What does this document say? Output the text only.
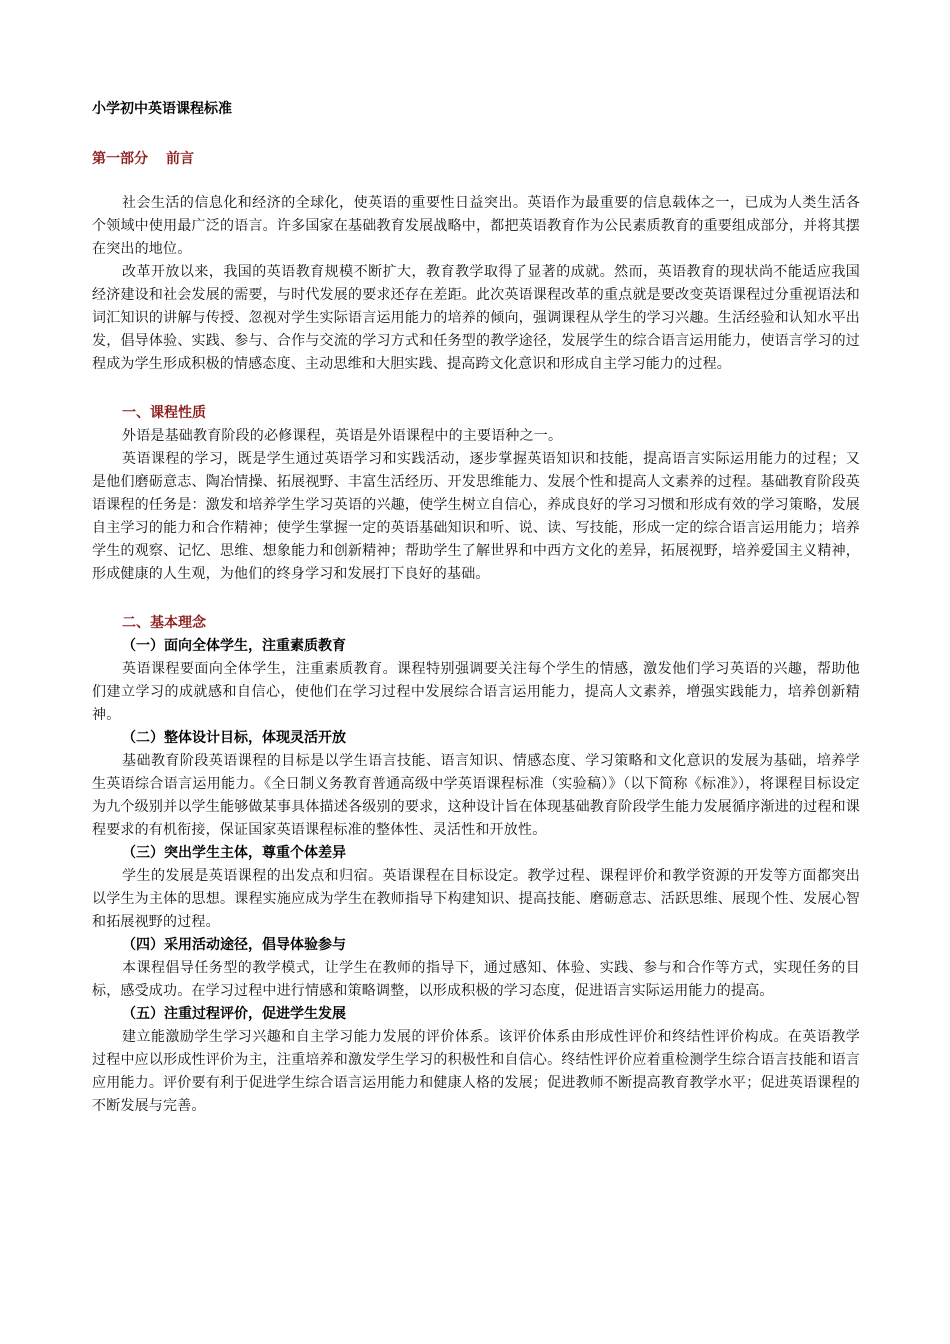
小学初中英语课程标准
第一部分 前言

社会生活的信息化和经济的全球化，使英语的重要性日益突出。英语作为最重要的信息载体之一，已成为人类生活各个领域中使用最广泛的语言。许多国家在基础教育发展战略中，都把英语教育作为公民素质教育的重要组成部分，并将其摆在突出的地位。

改革开放以来，我国的英语教育规模不断扩大，教育教学取得了显著的成就。然而，英语教育的现状尚不能适应我国经济建设和社会发展的需要，与时代发展的要求还存在差距。此次英语课程改革的重点就是要改变英语课程过分重视语法和词汇知识的讲解与传授、忽视对学生实际语言运用能力的培养的倾向，强调课程从学生的学习兴趣。生活经验和认知水平出发，倡导体验、实践、参与、合作与交流的学习方式和任务型的教学途径，发展学生的综合语言运用能力，使语言学习的过程成为学生形成积极的情感态度、主动思维和大胆实践、提高跨文化意识和形成自主学习能力的过程。

一、课程性质

外语是基础教育阶段的必修课程，英语是外语课程中的主要语种之一。

英语课程的学习，既是学生通过英语学习和实践活动，逐步掌握英语知识和技能，提高语言实际运用能力的过程；又是他们磨砺意志、陶冶情操、拓展视野、丰富生活经历、开发思维能力、发展个性和提高人文素养的过程。基础教育阶段英语课程的任务是：激发和培养学生学习英语的兴趣，使学生树立自信心，养成良好的学习习惯和形成有效的学习策略，发展自主学习的能力和合作精神；使学生掌握一定的英语基础知识和听、说、读、写技能，形成一定的综合语言运用能力；培养学生的观察、记忆、思维、想象能力和创新精神；帮助学生了解世界和中西方文化的差异，拓展视野，培养爱国主义精神，形成健康的人生观，为他们的终身学习和发展打下良好的基础。

二、基本理念
（一）面向全体学生，注重素质教育

英语课程要面向全体学生，注重素质教育。课程特别强调要关注每个学生的情感，激发他们学习英语的兴趣，帮助他们建立学习的成就感和自信心，使他们在学习过程中发展综合语言运用能力，提高人文素养，增强实践能力，培养创新精神。

（二）整体设计目标，体现灵活开放

基础教育阶段英语课程的目标是以学生语言技能、语言知识、情感态度、学习策略和文化意识的发展为基础，培养学生英语综合语言运用能力。《全日制义务教育普通高级中学英语课程标准（实验稿）》（以下简称《标准》），将课程目标设定为九个级别并以学生能够做某事具体描述各级别的要求，这种设计旨在体现基础教育阶段学生能力发展循序渐进的过程和课程要求的有机衔接，保证国家英语课程标准的整体性、灵活性和开放性。

（三）突出学生主体，尊重个体差异

学生的发展是英语课程的出发点和归宿。英语课程在目标设定。教学过程、课程评价和教学资源的开发等方面都突出以学生为主体的思想。课程实施应成为学生在教师指导下构建知识、提高技能、磨砺意志、活跃思维、展现个性、发展心智和拓展视野的过程。

（四）采用活动途径，倡导体验参与

本课程倡导任务型的教学模式，让学生在教师的指导下，通过感知、体验、实践、参与和合作等方式，实现任务的目标，感受成功。在学习过程中进行情感和策略调整，以形成积极的学习态度，促进语言实际运用能力的提高。

（五）注重过程评价，促进学生发展

建立能激励学生学习兴趣和自主学习能力发展的评价体系。该评价体系由形成性评价和终结性评价构成。在英语教学过程中应以形成性评价为主，注重培养和激发学生学习的积极性和自信心。终结性评价应着重检测学生综合语言技能和语言应用能力。评价要有利于促进学生综合语言运用能力和健康人格的发展；促进教师不断提高教育教学水平；促进英语课程的不断发展与完善。
